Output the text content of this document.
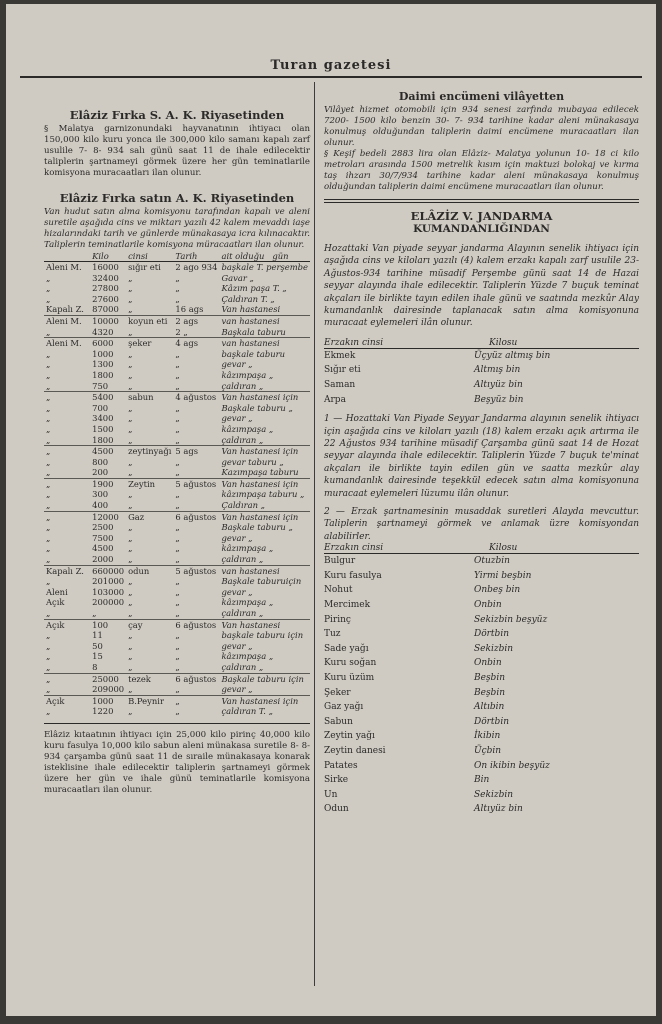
Turan gazetesi
Elâziz Fırka S. A. K. Riyasetinden
§ Malatya garnizonundaki hayvanatının ihtiyacı olan 150,000 kilo kuru yonca ile 300,000 kilo samanı kapalı zarf usulile 7- 8- 934 salı günü saat 11 de ihale edilecektir taliplerin şartnameyi görmek üzere her gün teminatlarile komisyona muracaatları ilan olunur.
Elâziz Fırka satın A. K. Riyasetinden
Van hudut satın alma komisyonu tarafından kapalı ve aleni suretile aşağıda cins ve miktarı yazılı 42 kalem mevaddı iaşe hizalarındaki tarih ve günlerde münakasaya icra kılınacaktır. Taliplerin teminatlarile komisyona müracaatları ilan olunur.
	Kilo	cinsi	Tarih	ait olduğu gün
Aleni M.	16000	sığır eti	2 ago 934	başkale T. perşembe
„	32400	„	„	Gavar „
„	27800	„	„	Kâzım paşa T. „
„	27600	„	„	Çaldıran T. „
Kapalı Z.	87000	„	16 ags	Van hastanesi
Aleni M.	10000	koyun eti	2 ags	van hastanesi
„	4320	„	2 „	Başkala taburu
Aleni M.	6000	şeker	4 ags	van hastanesi
„	1000	„	„	başkale taburu
„	1300	„	„	gevar „
„	1800	„	„	kâzımpaşa „
„	750	„	„	çaldıran „
„	5400	sabun	4 ağustos	Van hastanesi için
„	700	„	„	Başkale taburu „
„	3400	„	„	gevar „
„	1500	„	„	kâzımpaşa „
„	1800	„	„	çaldıran „
„	4500	zeytinyağı	5 ags	Van hastanesi için
„	800	„	„	gevar taburu „
„	200	„	„	Kazımpaşa taburu
„	1900	Zeytin	5 ağustos	Van hastanesi için
„	300	„	„	kâzımpaşa taburu „
„	400	„	„	Çaldıran „
„	12000	Gaz	6 ağustos	Van hastanesi için
„	2500	„	„	Başkale taburu „
„	7500	„	„	gevar „
„	4500	„	„	kâzımpaşa „
„	2000	„	„	çaldıran „
Kapalı Z.	660000	odun	5 ağustos	van hastanesi
„	201000	„	„	Başkale taburuiçin
Aleni	103000	„	„	gevar „
Açık	200000	„	„	kâzımpaşa „
„	„	„	„	çaldıran „
Açık	100	çay	6 ağustos	Van hastanesi
„	11	„	„	başkale taburu için
„	50	„	„	gevar „
„	15	„	„	kâzımpaşa „
„	8	„	„	çaldıran „
„	25000	tezek	6 ağustos	Başkale taburu için
„	209000	„	„	gevar „
Açık	1000	B.Peynir	„	Van hastanesi için
„	1220	„	„	çaldıran T. „
Elâziz kıtaatının ihtiyacı için 25,000 kilo pirinç 40,000 kilo kuru fasulya 10,000 kilo sabun aleni münakasa suretile 8- 8- 934 çarşamba günü saat 11 de sıraile münakasaya konarak isteklisine ihale edilecektir taliplerin şartnameyi görmek üzere her gün ve ihale günü teminatlarile komisyona muracaatları ilan olunur.
Daimi encümeni vilâyetten
Vilâyet hizmet otomobili için 934 senesi zarfında mubayaa edilecek 7200- 1500 kilo benzin 30- 7- 934 tarihine kadar aleni münakasaya konulmuş olduğundan taliplerin daimi encümene muracaatları ilan olunur.
§ Keşif bedeli 2883 lira olan Elâziz- Malatya yolunun 10- 18 ci kilo metroları arasında 1500 metrelik kısım için maktuzi bolokaj ve kırma taş ihzarı 30/7/934 tarihine kadar aleni münakasaya konulmuş olduğundan taliplerin daimi encümene muracaatları ilan olunur.
ELÂZİZ V. JANDARMA
KUMANDANLIĞINDAN
Hozattaki Van piyade seyyar jandarma Alayının senelik ihtiyacı için aşağıda cins ve kiloları yazılı (4) kalem erzakı kapalı zarf usulile 23-Ağustos-934 tarihine müsadif Perşembe günü saat 14 de Hazai seyyar alayında ihale edilecektir. Taliplerin Yüzde 7 buçuk teminat akçaları ile birlikte tayın edilen ihale günü ve saatında mezkûr Alay kumandanlık dairesinde taplanacak satın alma komisyonuna muracaat eylemeleri ilân olunur.
Erzakın cinsi	Kilosu
Ekmek	Üçyüz altmış bin
Sığır eti	Altmış bin
Saman	Altıyüz bin
Arpa	Beşyüz bin
1 — Hozattaki Van Piyade Seyyar Jandarma alayının senelik ihtiyacı için aşağıda cins ve kiloları yazılı (18) kalem erzakı açık artırma ile 22 Ağustos 934 tarihine müsadif Çarşamba günü saat 14 de Hozat seyyar alayında ihale edilecektir. Taliplerin Yüzde 7 buçuk te'minat akçaları ile birlikte tayin edilen gün ve saatta mezkûr alay kumandanlık dairesinde teşekkül edecek satın alma komisyonuna muracaat eylemeleri lüzumu ilân olunur.
2 — Erzak şartnamesinin musaddak suretleri Alayda mevcuttur. Taliplerin şartnameyi görmek ve anlamak üzre komisyondan alabilirler.
Erzakın cinsi	Kilosu
Bulgur	Otuzbin
Kuru fasulya	Yirmi beşbin
Nohut	Onbeş bin
Mercimek	Onbin
Pirinç	Sekizbin beşyüz
Tuz	Dörtbin
Sade yağı	Sekizbin
Kuru soğan	Onbin
Kuru üzüm	Beşbin
Şeker	Beşbin
Gaz yağı	Altıbin
Sabun	Dörtbin
Zeytin yağı	İkibin
Zeytin danesi	Üçbin
Patates	On ikibin beşyüz
Sirke	Bin
Un	Sekizbin
Odun	Altıyüz bin
